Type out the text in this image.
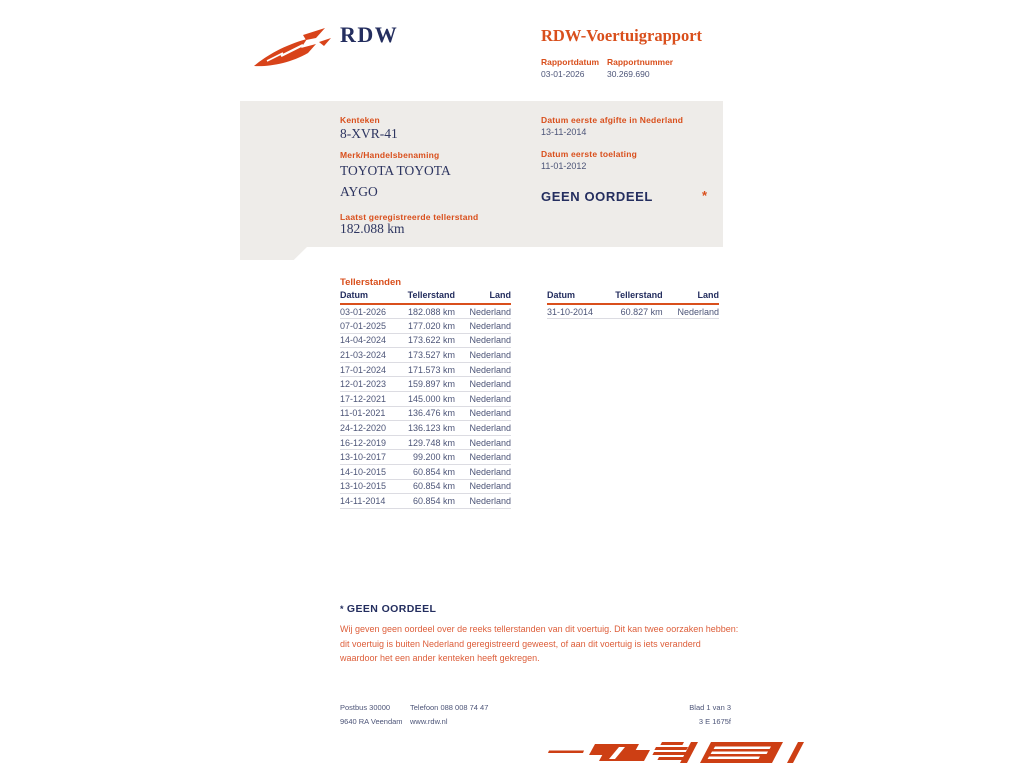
RDW	RDW-Voertuigrapport
Rapportdatum Rapportnummer
03-01-2026	30.269.690
Kenteken
8-XVR-41
Merk/Handelsbenaming
TOYOTA TOYOTA AYGO
Laatst geregistreerde tellerstand
182.088 km
Datum eerste afgifte in Nederland
13-11-2014
Datum eerste toelating
11-01-2012
GEEN OORDEEL	*
Tellerstanden
Datum	Tellerstand	Land
03-01-2026	182.088 km	Nederland
07-01-2025	177.020 km	Nederland
14-04-2024	173.622 km	Nederland
21-03-2024	173.527 km	Nederland
17-01-2024	171.573 km	Nederland
12-01-2023	159.897 km	Nederland
17-12-2021	145.000 km	Nederland
11-01-2021	136.476 km	Nederland
24-12-2020	136.123 km	Nederland
16-12-2019	129.748 km	Nederland
13-10-2017	99.200 km	Nederland
14-10-2015	60.854 km	Nederland
13-10-2015	60.854 km	Nederland
14-11-2014	60.854 km	Nederland
Datum	Tellerstand	Land
31-10-2014	60.827 km	Nederland
* GEEN OORDEEL
Wij geven geen oordeel over de reeks tellerstanden van dit voertuig. Dit kan twee oorzaken hebben: dit voertuig is buiten Nederland geregistreerd geweest, of aan dit voertuig is iets veranderd waardoor het een ander kenteken heeft gekregen.
Postbus 30000
9640 RA Veendam
Telefoon 088 008 74 47
www.rdw.nl
Blad 1 van 3
3 E 1675f
